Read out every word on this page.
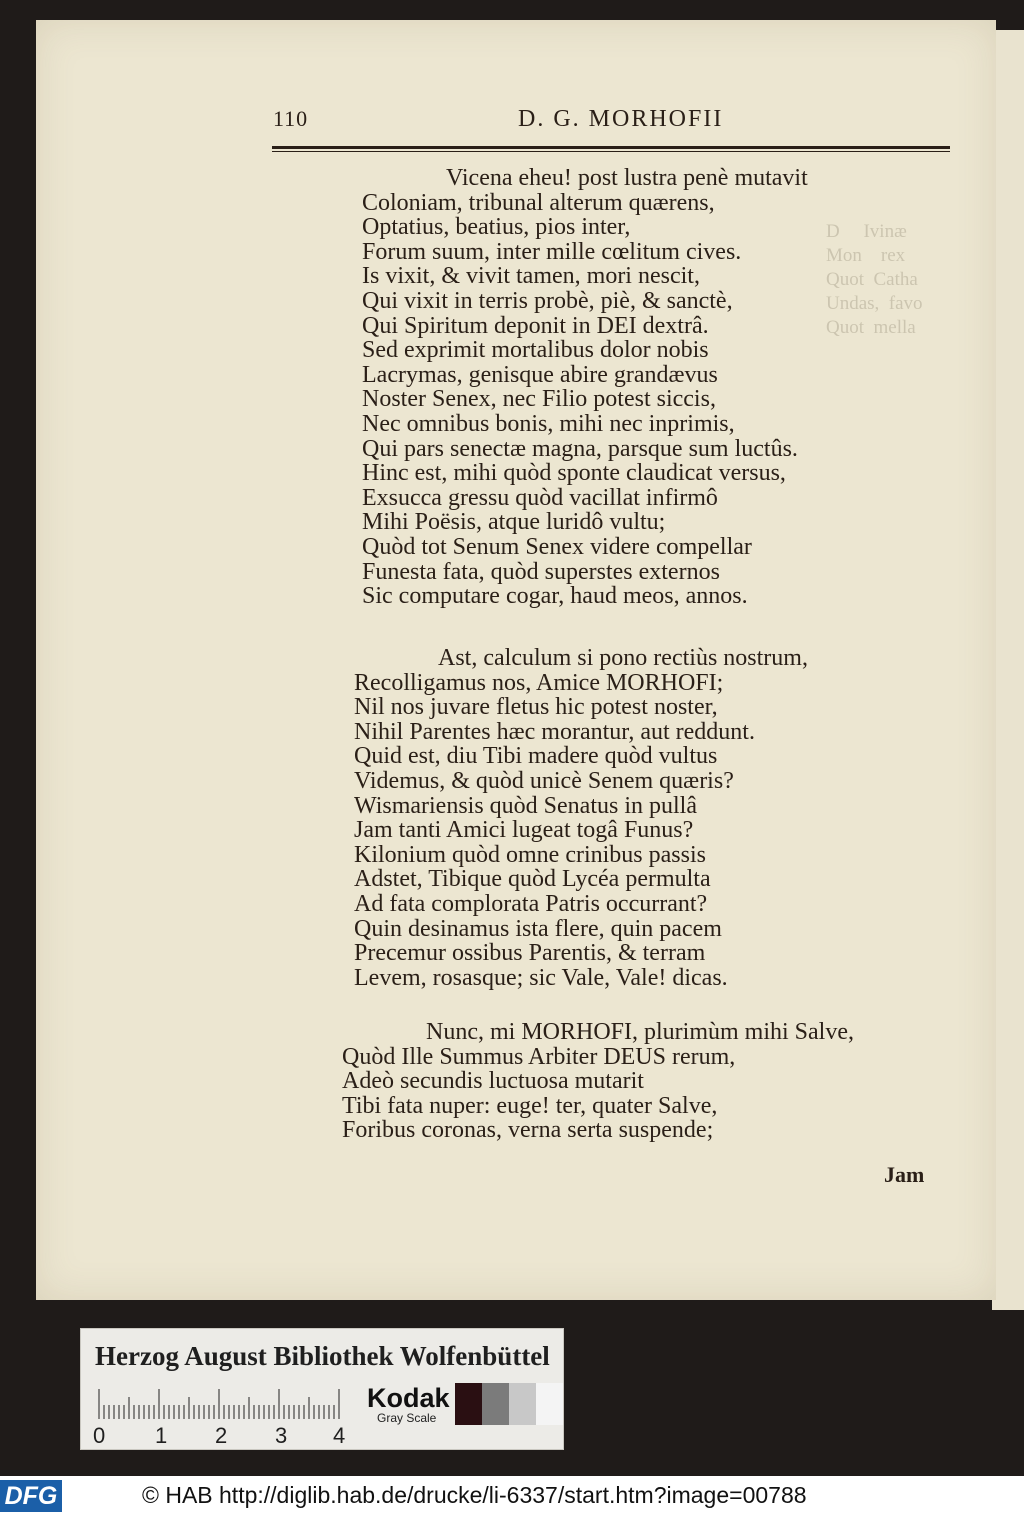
D     Ivinæ
Mon    rex
Quot  Catha
Undas,  favo
Quot  mella
110	D. G. MORHOFII
Vicena eheu! post lustra penè mutavit
Coloniam, tribunal alterum quærens,
Optatius, beatius, pios inter,
Forum suum, inter mille cœlitum cives.
Is vixit, & vivit tamen, mori nescit,
Qui vixit in terris probè, piè, & sanctè,
Qui Spiritum deponit in DEI dextrâ.
Sed exprimit mortalibus dolor nobis
Lacrymas, genisque abire grandævus
Noster Senex, nec Filio potest siccis,
Nec omnibus bonis, mihi nec inprimis,
Qui pars senectæ magna, parsque sum luctûs.
Hinc est, mihi quòd sponte claudicat versus,
Exsucca gressu quòd vacillat infirmô
Mihi Poësis, atque luridô vultu;
Quòd tot Senum Senex videre compellar
Funesta fata, quòd superstes externos
Sic computare cogar, haud meos, annos.
Ast, calculum si pono rectiùs nostrum,
Recolligamus nos, Amice MORHOFI;
Nil nos juvare fletus hic potest noster,
Nihil Parentes hæc morantur, aut reddunt.
Quid est, diu Tibi madere quòd vultus
Videmus, & quòd unicè Senem quæris?
Wismariensis quòd Senatus in pullâ
Jam tanti Amici lugeat togâ Funus?
Kilonium quòd omne crinibus passis
Adstet, Tibique quòd Lycéa permulta
Ad fata complorata Patris occurrant?
Quin desinamus ista flere, quin pacem
Precemur ossibus Parentis, & terram
Levem, rosasque; sic Vale, Vale! dicas.
Nunc, mi MORHOFI, plurimùm mihi Salve,
Quòd Ille Summus Arbiter DEUS rerum,
Adeò secundis luctuosa mutarit
Tibi fata nuper: euge! ter, quater Salve,
Foribus coronas, verna serta suspende;
Jam
Herzog August Bibliothek Wolfenbüttel
0 1 2 3 4
Kodak
Gray Scale
DFG	© HAB http://diglib.hab.de/drucke/li-6337/start.htm?image=00788
